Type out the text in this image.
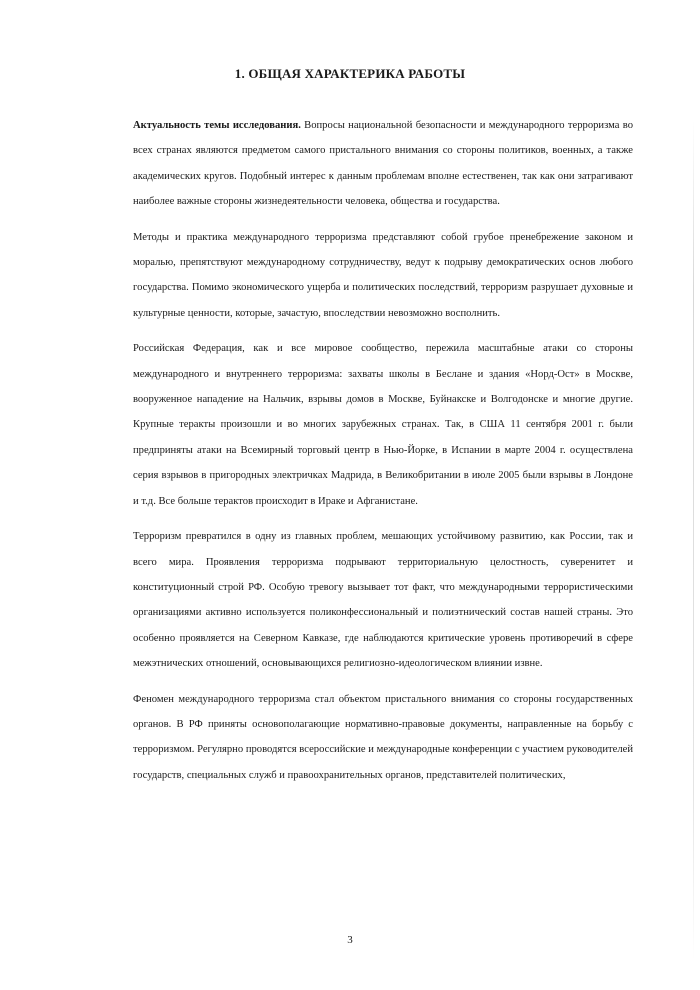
1. ОБЩАЯ ХАРАКТЕРИКА РАБОТЫ

Актуальность темы исследования. Вопросы национальной безопасности и международного терроризма во всех странах являются предметом самого пристального внимания со стороны политиков, военных, а также академических кругов. Подобный интерес к данным проблемам вполне естественен, так как они затрагивают наиболее важные стороны жизнедеятельности человека, общества и государства.

Методы и практика международного терроризма представляют собой грубое пренебрежение законом и моралью, препятствуют международному сотрудничеству, ведут к подрыву демократических основ любого государства. Помимо экономического ущерба и политических последствий, терроризм разрушает духовные и культурные ценности, которые, зачастую, впоследствии невозможно восполнить.

Российская Федерация, как и все мировое сообщество, пережила масштабные атаки со стороны международного и внутреннего терроризма: захваты школы в Беслане и здания «Норд-Ост» в Москве, вооруженное нападение на Нальчик, взрывы домов в Москве, Буйнакске и Волгодонске и многие другие. Крупные теракты произошли и во многих зарубежных странах. Так, в США 11 сентября 2001 г. были предприняты атаки на Всемирный торговый центр в Нью-Йорке, в Испании в марте 2004 г. осуществлена серия взрывов в пригородных электричках Мадрида, в Великобритании в июле 2005 были взрывы в Лондоне и т.д. Все больше терактов происходит в Ираке и Афганистане.

Терроризм превратился в одну из главных проблем, мешающих устойчивому развитию, как России, так и всего мира. Проявления терроризма подрывают территориальную целостность, суверенитет и конституционный строй РФ. Особую тревогу вызывает тот факт, что международными террористическими организациями активно используется поликонфессиональный и полиэтнический состав нашей страны. Это особенно проявляется на Северном Кавказе, где наблюдаются критические уровень противоречий в сфере межэтнических отношений, основывающихся религиозно-идеологическом влиянии извне.

Феномен международного терроризма стал объектом пристального внимания со стороны государственных органов. В РФ приняты основополагающие нормативно-правовые документы, направленные на борьбу с терроризмом. Регулярно проводятся всероссийские и международные конференции с участием руководителей государств, специальных служб и правоохранительных органов, представителей политических,

3
